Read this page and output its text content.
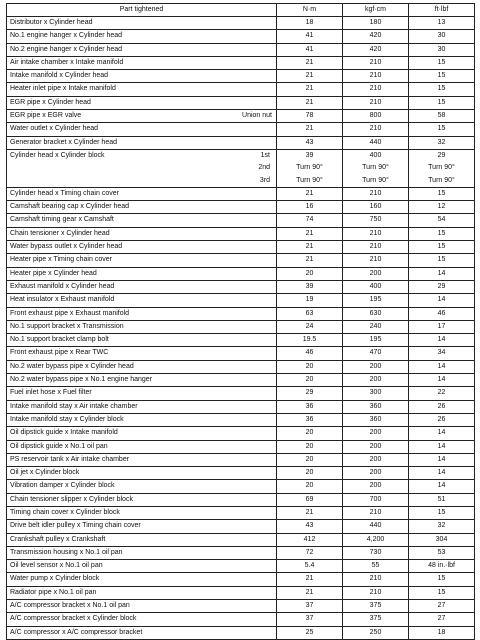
Part tightened	N·m	kgf·cm	ft·lbf
Distributor x Cylinder head	18	180	13
No.1 engine hanger x Cylinder head	41	420	30
No.2 engine hanger x Cylinder head	41	420	30
Air intake chamber x Intake manifold	21	210	15
Intake manifold x Cylinder head	21	210	15
Heater inlet pipe x Intake manifold	21	210	15
EGR pipe x Cylinder head	21	210	15
EGR pipe x EGR valve Union nut	78	800	58
Water outlet x Cylinder head	21	210	15
Generator bracket x Cylinder head	43	440	32
Cylinder head x Cylinder block 1st	39	400	29

2nd	Turn 90°	Turn 90°	Turn 90°

3rd	Turn 90°	Turn 90°	Turn 90°
Cylinder head x Timing chain cover	21	210	15
Camshaft bearing cap x Cylinder head	16	160	12
Camshaft timing gear x Camshaft	74	750	54
Chain tensioner x Cylinder head	21	210	15
Water bypass outlet x Cylinder head	21	210	15
Heater pipe x Timing chain cover	21	210	15
Heater pipe x Cylinder head	20	200	14
Exhaust manifold x Cylinder head	39	400	29
Heat insulator x Exhaust manifold	19	195	14
Front exhaust pipe x Exhaust manifold	63	630	46
No.1 support bracket x Transmission	24	240	17
No.1 support bracket clamp bolt	19.5	195	14
Front exhaust pipe x Rear TWC	46	470	34
No.2 water bypass pipe x Cylinder head	20	200	14
No.2 water bypass pipe x No.1 engine hanger	20	200	14
Fuel inlet hose x Fuel filter	29	300	22
Intake manifold stay x Air intake chamber	36	360	26
Intake manifold stay x Cylinder block	36	360	26
Oil dipstick guide x Intake manifold	20	200	14
Oil dipstick guide x No.1 oil pan	20	200	14
PS reservoir tank x Air intake chamber	20	200	14
Oil jet x Cylinder block	20	200	14
Vibration damper x Cylinder block	20	200	14
Chain tensioner slipper x Cylinder block	69	700	51
Timing chain cover x Cylinder block	21	210	15
Drive belt idler pulley x Timing chain cover	43	440	32
Crankshaft pulley x Crankshaft	412	4,200	304
Transmission housing x No.1 oil pan	72	730	53
Oil level sensor x No.1 oil pan	5.4	55	48 in.·lbf
Water pump x Cylinder block	21	210	15
Radiator pipe x No.1 oil pan	21	210	15
A/C compressor bracket x No.1 oil pan	37	375	27
A/C compressor bracket x Cylinder block	37	375	27
A/C compressor x A/C compressor bracket	25	250	18
